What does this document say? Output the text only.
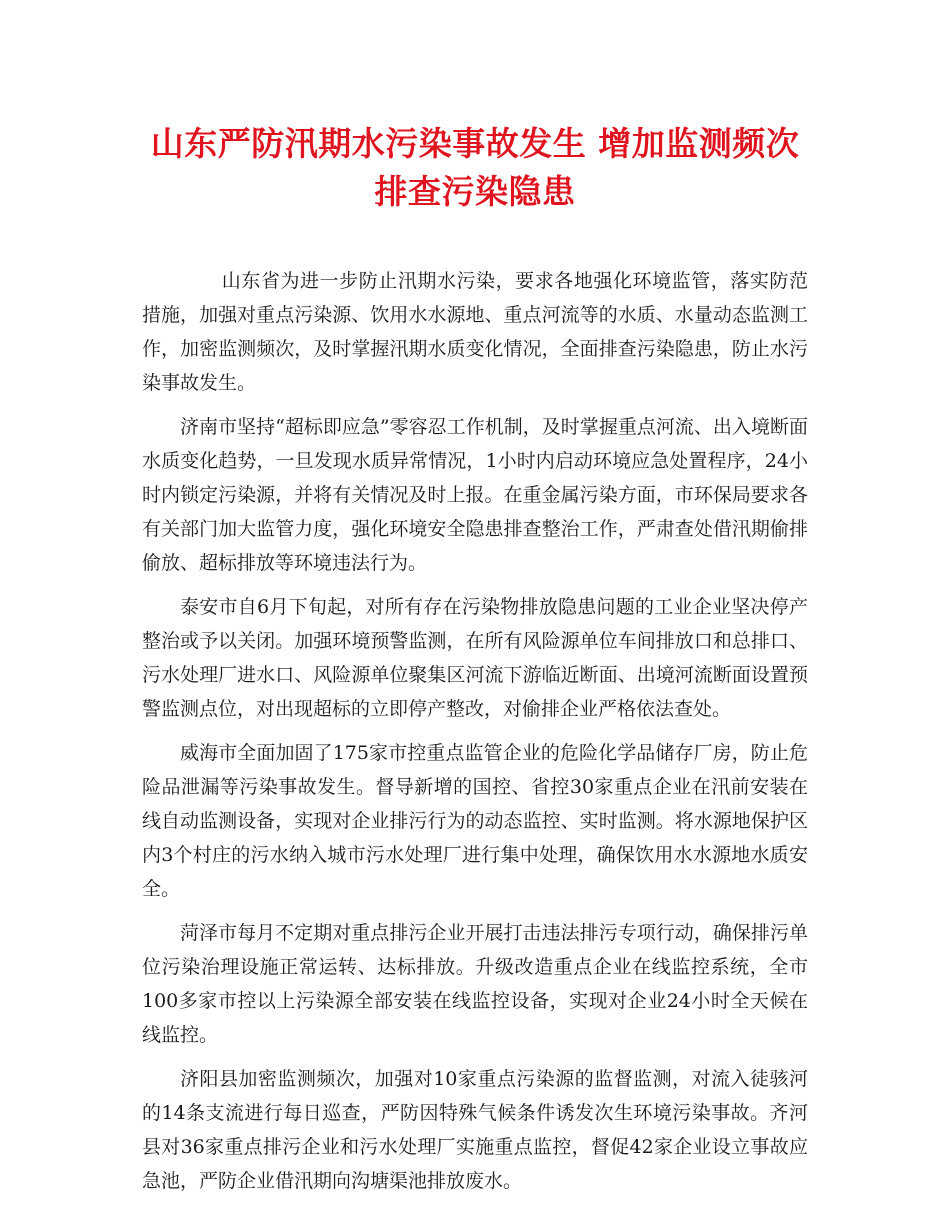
山东严防汛期水污染事故发生 增加监测频次
排查污染隐患

山东省为进一步防止汛期水污染，要求各地强化环境监管，落实防范措施，加强对重点污染源、饮用水水源地、重点河流等的水质、水量动态监测工作，加密监测频次，及时掌握汛期水质变化情况，全面排查污染隐患，防止水污染事故发生。

济南市坚持“超标即应急”零容忍工作机制，及时掌握重点河流、出入境断面水质变化趋势，一旦发现水质异常情况，1小时内启动环境应急处置程序，24小时内锁定污染源，并将有关情况及时上报。在重金属污染方面，市环保局要求各有关部门加大监管力度，强化环境安全隐患排查整治工作，严肃查处借汛期偷排偷放、超标排放等环境违法行为。

泰安市自6月下旬起，对所有存在污染物排放隐患问题的工业企业坚决停产整治或予以关闭。加强环境预警监测，在所有风险源单位车间排放口和总排口、污水处理厂进水口、风险源单位聚集区河流下游临近断面、出境河流断面设置预警监测点位，对出现超标的立即停产整改，对偷排企业严格依法查处。

威海市全面加固了175家市控重点监管企业的危险化学品储存厂房，防止危险品泄漏等污染事故发生。督导新增的国控、省控30家重点企业在汛前安装在线自动监测设备，实现对企业排污行为的动态监控、实时监测。将水源地保护区内3个村庄的污水纳入城市污水处理厂进行集中处理，确保饮用水水源地水质安全。

菏泽市每月不定期对重点排污企业开展打击违法排污专项行动，确保排污单位污染治理设施正常运转、达标排放。升级改造重点企业在线监控系统，全市100多家市控以上污染源全部安装在线监控设备，实现对企业24小时全天候在线监控。

济阳县加密监测频次，加强对10家重点污染源的监督监测，对流入徒骇河的14条支流进行每日巡查，严防因特殊气候条件诱发次生环境污染事故。齐河县对36家重点排污企业和污水处理厂实施重点监控，督促42家企业设立事故应急池，严防企业借汛期向沟塘渠池排放废水。
